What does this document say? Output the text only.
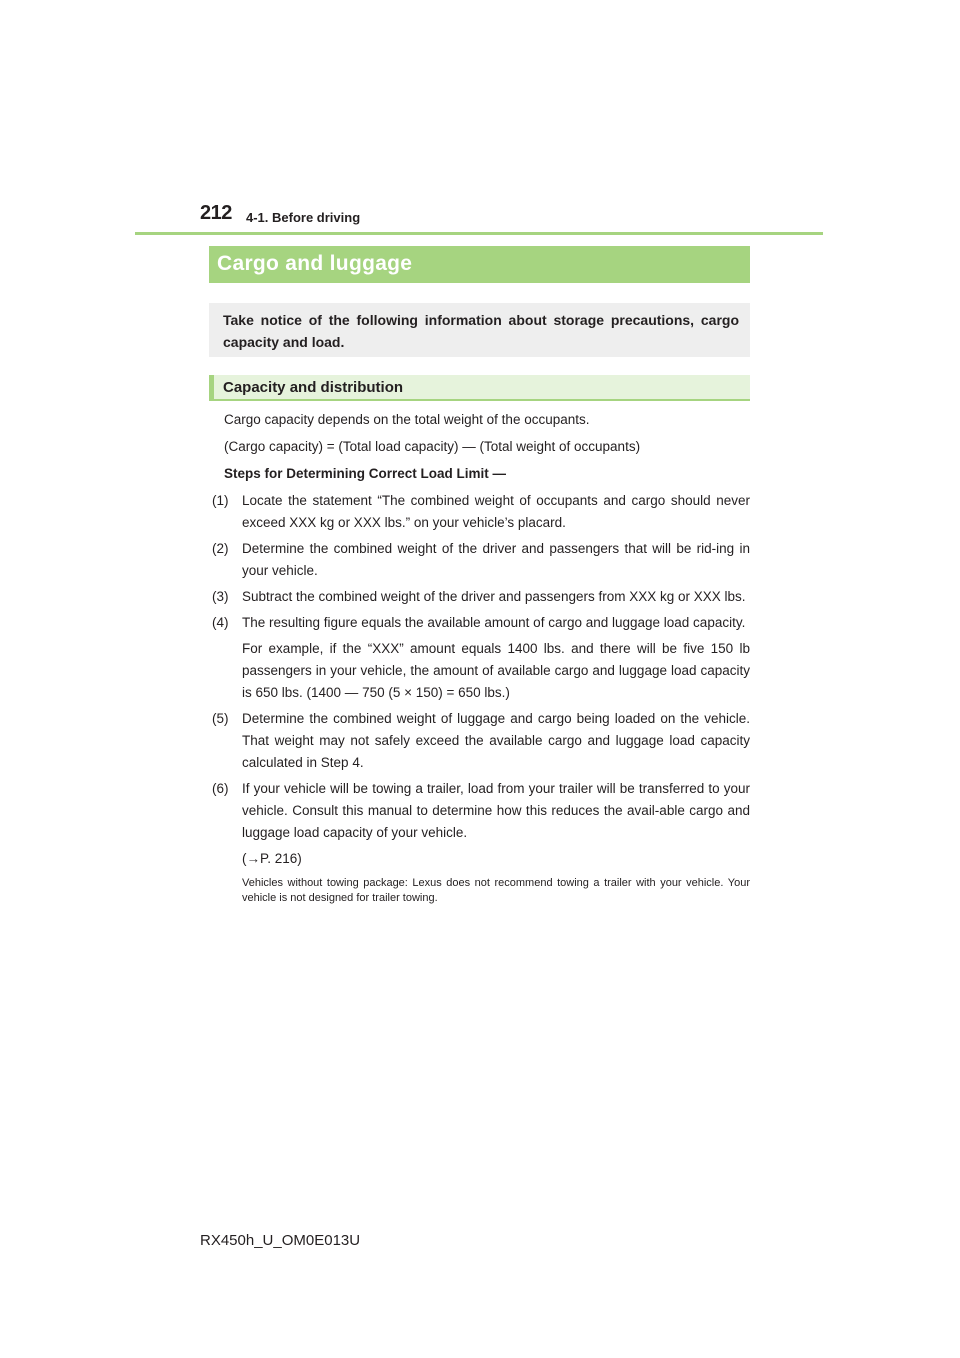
212 4-1. Before driving
Cargo and luggage
Take notice of the following information about storage precautions, cargo capacity and load.
Capacity and distribution
Cargo capacity depends on the total weight of the occupants.
(Cargo capacity) = (Total load capacity) — (Total weight of occupants)
Steps for Determining Correct Load Limit —
(1) Locate the statement “The combined weight of occupants and cargo should never exceed XXX kg or XXX lbs.” on your vehicle’s placard.
(2) Determine the combined weight of the driver and passengers that will be rid-ing in your vehicle.
(3) Subtract the combined weight of the driver and passengers from XXX kg or XXX lbs.
(4) The resulting figure equals the available amount of cargo and luggage load capacity.
For example, if the “XXX” amount equals 1400 lbs. and there will be five 150 lb passengers in your vehicle, the amount of available cargo and luggage load capacity is 650 lbs. (1400 — 750 (5 × 150) = 650 lbs.)
(5) Determine the combined weight of luggage and cargo being loaded on the vehicle. That weight may not safely exceed the available cargo and luggage load capacity calculated in Step 4.
(6) If your vehicle will be towing a trailer, load from your trailer will be transferred to your vehicle. Consult this manual to determine how this reduces the avail-able cargo and luggage load capacity of your vehicle.
(→P. 216)
Vehicles without towing package: Lexus does not recommend towing a trailer with your vehicle. Your vehicle is not designed for trailer towing.
RX450h_U_OM0E013U
